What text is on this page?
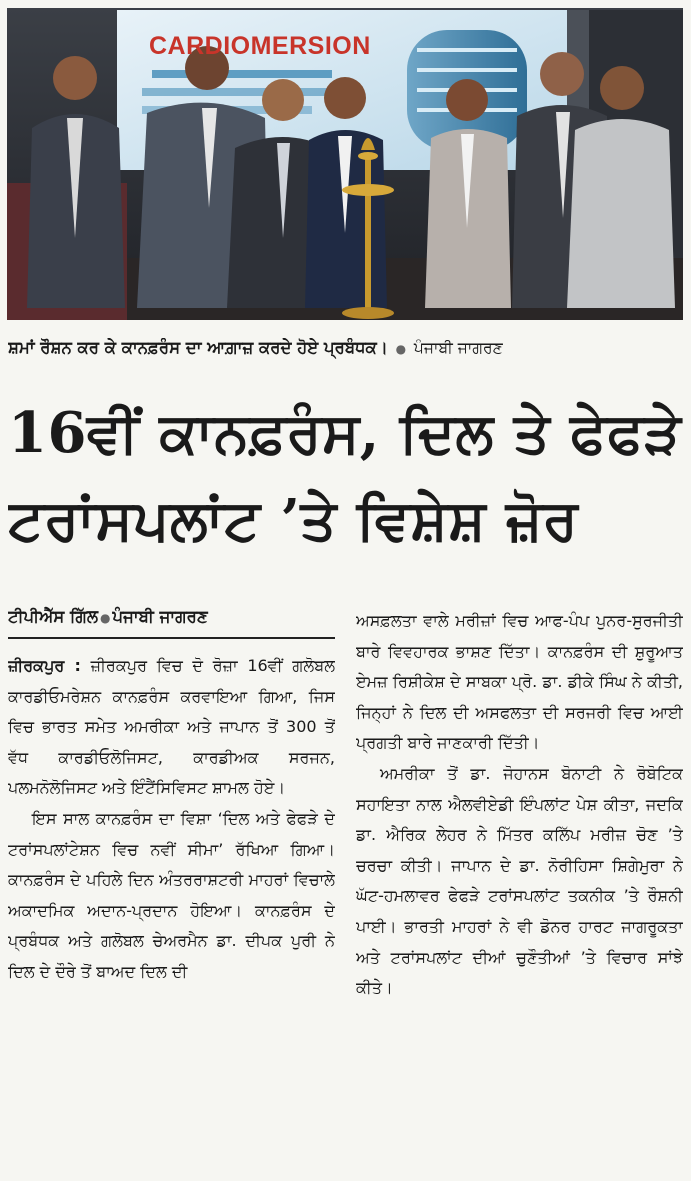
CARDIOMERSION
ਸ਼ਮਾਂ ਰੌਸ਼ਨ ਕਰ ਕੇ ਕਾਨਫ਼ਰੰਸ ਦਾ ਆਗ਼ਾਜ਼ ਕਰਦੇ ਹੋਏ ਪ੍ਰਬੰਧਕ। ● ਪੰਜਾਬੀ ਜਾਗਰਣ
16ਵੀਂ ਕਾਨਫ਼ਰੰਸ, ਦਿਲ ਤੇ ਫੇਫੜੇ
ਟਰਾਂਸਪਲਾਂਟ ’ਤੇ ਵਿਸ਼ੇਸ਼ ਜ਼ੋਰ
ਟੀਪੀਐੱਸ ਗਿੱਲ ● ਪੰਜਾਬੀ ਜਾਗਰਣ

ਜ਼ੀਰਕਪੁਰ : ਜ਼ੀਰਕਪੁਰ ਵਿਚ ਦੋ ਰੋਜ਼ਾ 16ਵੀਂ ਗਲੋਬਲ ਕਾਰਡੀਓਮਰੇਸ਼ਨ ਕਾਨਫ਼ਰੰਸ ਕਰਵਾਇਆ ਗਿਆ, ਜਿਸ ਵਿਚ ਭਾਰਤ ਸਮੇਤ ਅਮਰੀਕਾ ਅਤੇ ਜਾਪਾਨ ਤੋਂ 300 ਤੋਂ ਵੱਧ ਕਾਰਡੀਓਲੋਜਿਸਟ, ਕਾਰਡੀਅਕ ਸਰਜਨ, ਪਲਮਨੋਲੋਜਿਸਟ ਅਤੇ ਇੰਟੈਂਸਿਵਿਸਟ ਸ਼ਾਮਲ ਹੋਏ।

ਇਸ ਸਾਲ ਕਾਨਫ਼ਰੰਸ ਦਾ ਵਿਸ਼ਾ ‘ਦਿਲ ਅਤੇ ਫੇਫੜੇ ਦੇ ਟਰਾਂਸਪਲਾਂਟੇਸ਼ਨ ਵਿਚ ਨਵੀਂ ਸੀਮਾ’ ਰੱਖਿਆ ਗਿਆ। ਕਾਨਫ਼ਰੰਸ ਦੇ ਪਹਿਲੇ ਦਿਨ ਅੰਤਰਰਾਸ਼ਟਰੀ ਮਾਹਰਾਂ ਵਿਚਾਲੇ ਅਕਾਦਮਿਕ ਅਦਾਨ-ਪ੍ਰਦਾਨ ਹੋਇਆ। ਕਾਨਫ਼ਰੰਸ ਦੇ ਪ੍ਰਬੰਧਕ ਅਤੇ ਗਲੋਬਲ ਚੇਅਰਮੈਨ ਡਾ. ਦੀਪਕ ਪੁਰੀ ਨੇ ਦਿਲ ਦੇ ਦੌਰੇ ਤੋਂ ਬਾਅਦ ਦਿਲ ਦੀ

ਅਸਫ਼ਲਤਾ ਵਾਲੇ ਮਰੀਜ਼ਾਂ ਵਿਚ ਆਫ-ਪੰਪ ਪੁਨਰ-ਸੁਰਜੀਤੀ ਬਾਰੇ ਵਿਵਹਾਰਕ ਭਾਸ਼ਣ ਦਿੱਤਾ। ਕਾਨਫ਼ਰੰਸ ਦੀ ਸ਼ੁਰੂਆਤ ਏਮਜ਼ ਰਿਸ਼ੀਕੇਸ਼ ਦੇ ਸਾਬਕਾ ਪ੍ਰੋ. ਡਾ. ਡੀਕੇ ਸਿੰਘ ਨੇ ਕੀਤੀ, ਜਿਨ੍ਹਾਂ ਨੇ ਦਿਲ ਦੀ ਅਸਫਲਤਾ ਦੀ ਸਰਜਰੀ ਵਿਚ ਆਈ ਪ੍ਰਗਤੀ ਬਾਰੇ ਜਾਣਕਾਰੀ ਦਿੱਤੀ।

ਅਮਰੀਕਾ ਤੋਂ ਡਾ. ਜੋਹਾਨਸ ਬੋਨਾਟੀ ਨੇ ਰੋਬੋਟਿਕ ਸਹਾਇਤਾ ਨਾਲ ਐਲਵੀਏਡੀ ਇੰਪਲਾਂਟ ਪੇਸ਼ ਕੀਤਾ, ਜਦਕਿ ਡਾ. ਐਰਿਕ ਲੇਹਰ ਨੇ ਮਿੱਤਰ ਕਲਿੱਪ ਮਰੀਜ਼ ਚੋਣ ’ਤੇ ਚਰਚਾ ਕੀਤੀ। ਜਾਪਾਨ ਦੇ ਡਾ. ਨੋਰੀਹਿਸਾ ਸ਼ਿਗੇਮੁਰਾ ਨੇ ਘੱਟ-ਹਮਲਾਵਰ ਫੇਫੜੇ ਟਰਾਂਸਪਲਾਂਟ ਤਕਨੀਕ ’ਤੇ ਰੌਸ਼ਨੀ ਪਾਈ। ਭਾਰਤੀ ਮਾਹਰਾਂ ਨੇ ਵੀ ਡੋਨਰ ਹਾਰਟ ਜਾਗਰੂਕਤਾ ਅਤੇ ਟਰਾਂਸਪਲਾਂਟ ਦੀਆਂ ਚੁਣੌਤੀਆਂ ’ਤੇ ਵਿਚਾਰ ਸਾਂਝੇ ਕੀਤੇ।
